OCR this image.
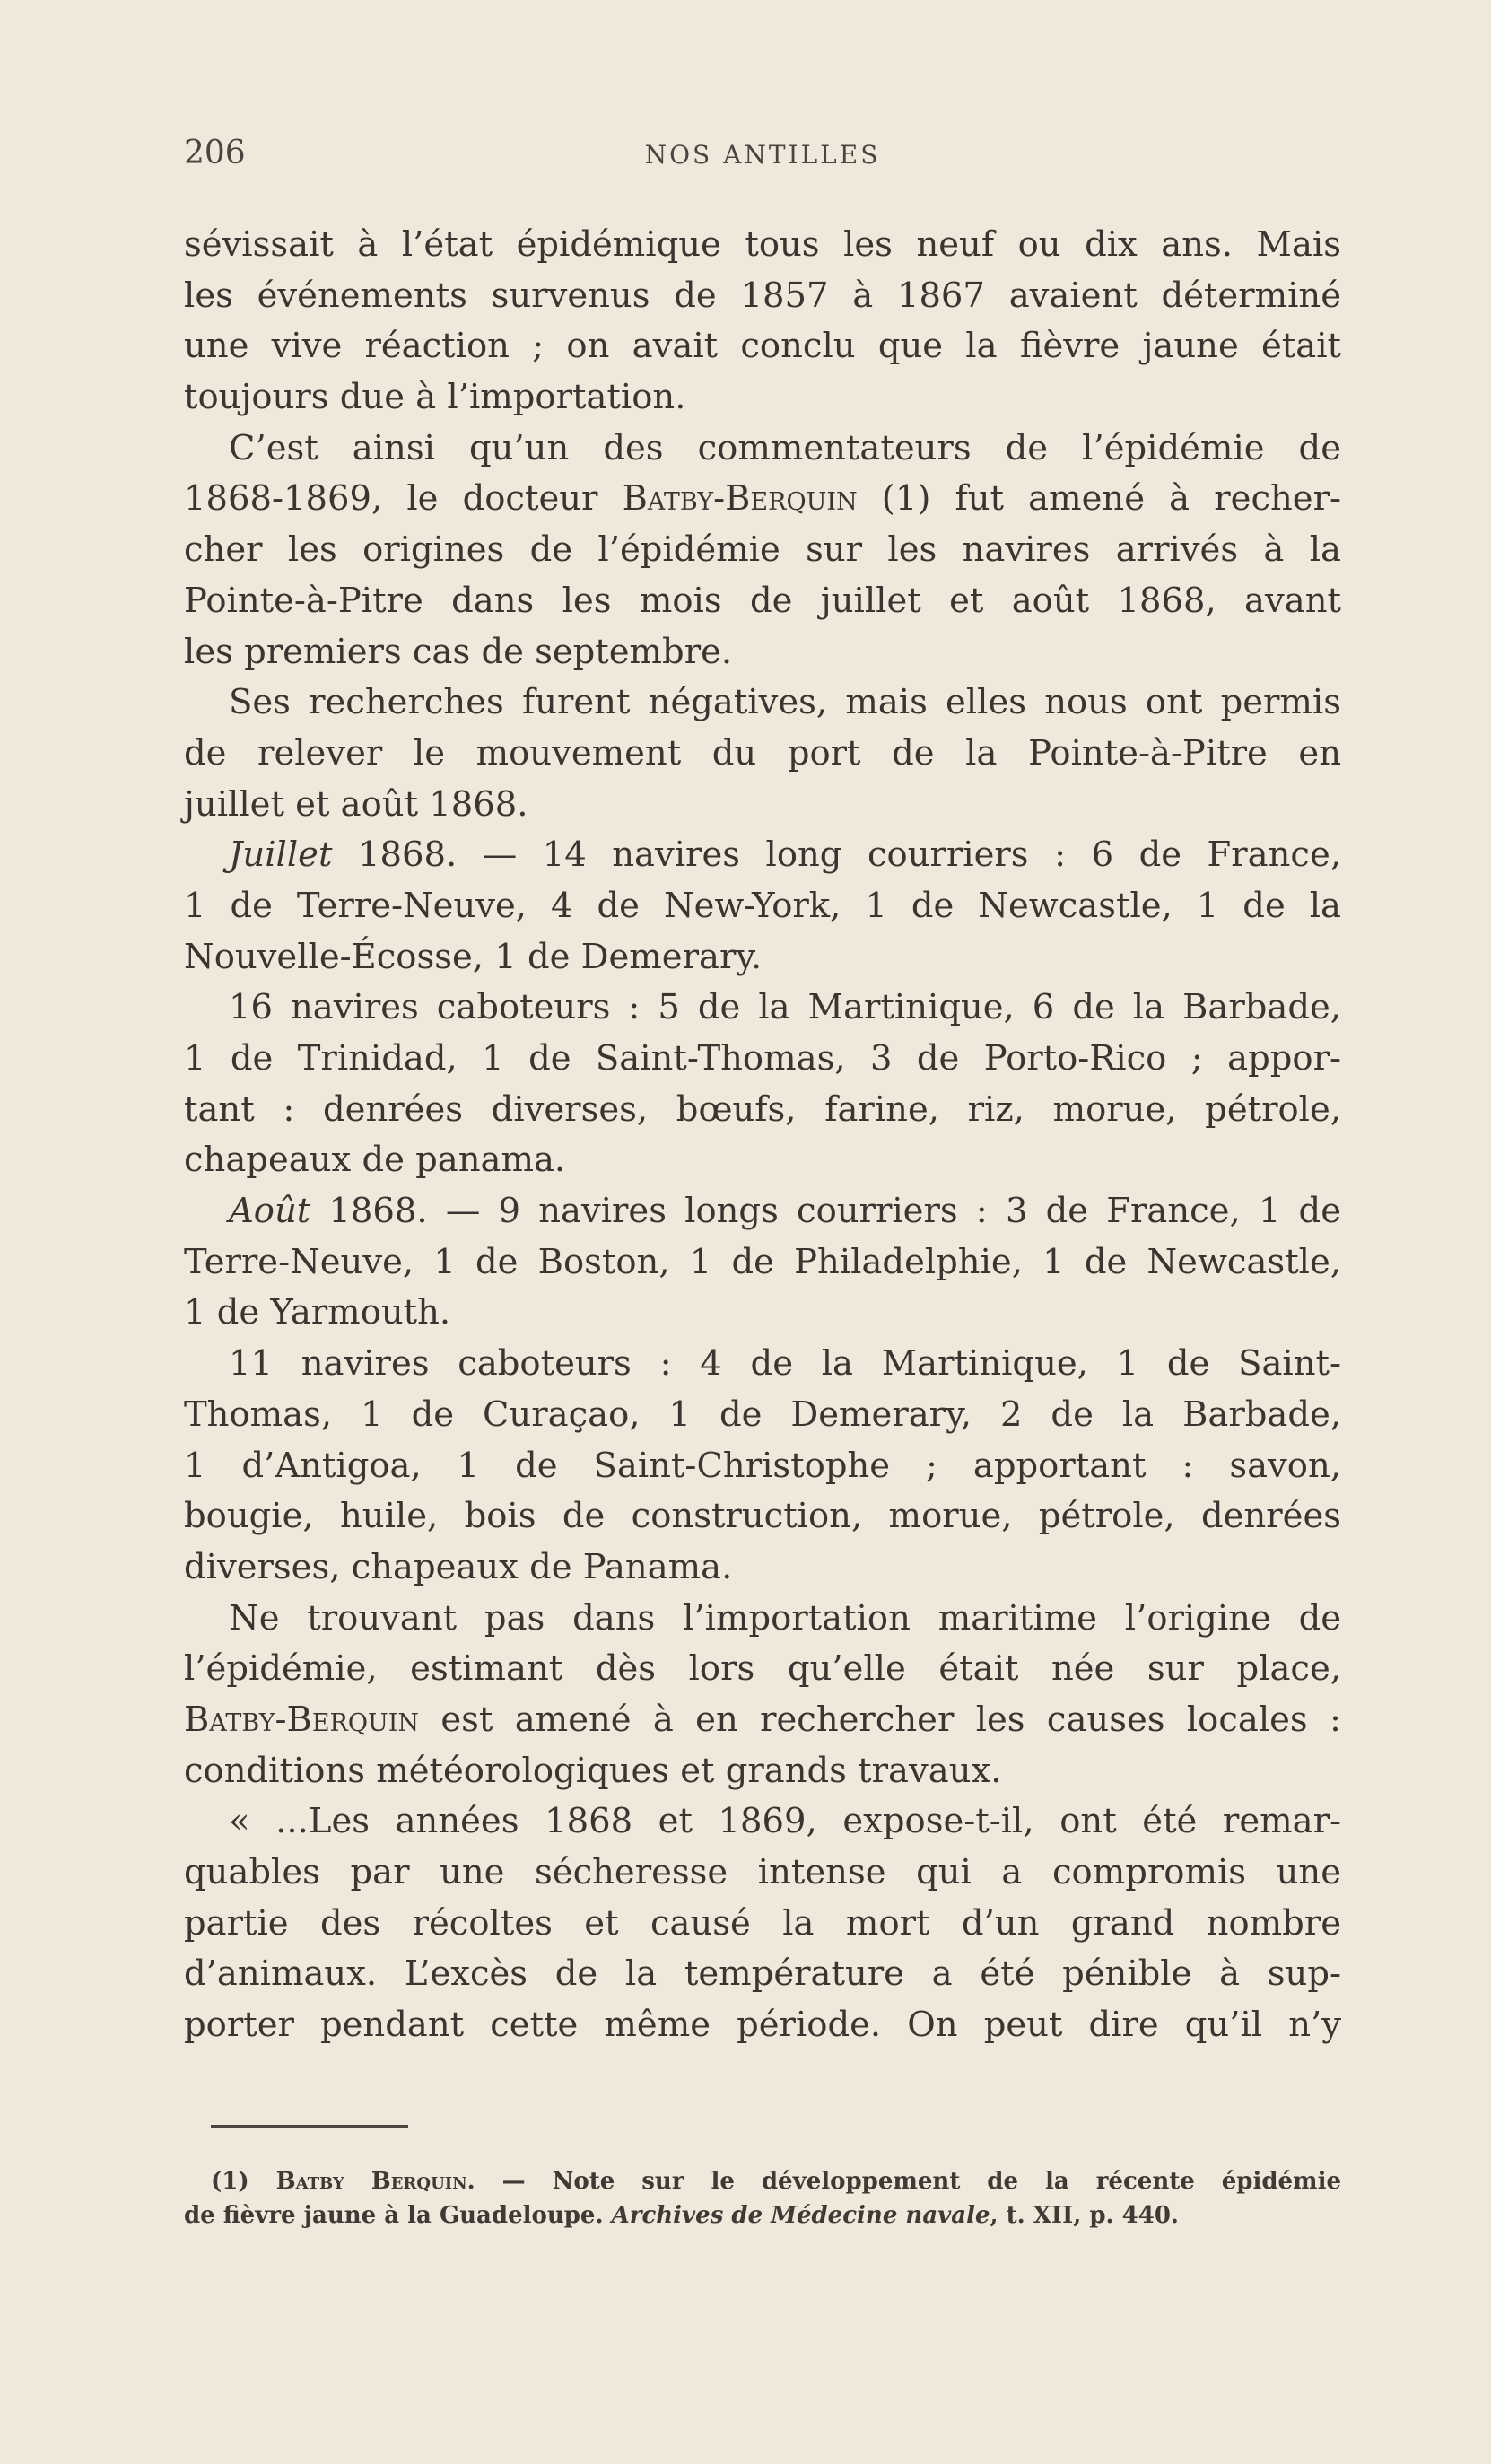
206	NOS ANTILLES
sévissait à l’état épidémique tous les neuf ou dix ans. Mais
les événements survenus de 1857 à 1867 avaient déterminé
une vive réaction ; on avait conclu que la fièvre jaune était
toujours due à l’importation.
C’est ainsi qu’un des commentateurs de l’épidémie de
1868-1869, le docteur Batby-Berquin (1) fut amené à recher-
cher les origines de l’épidémie sur les navires arrivés à la
Pointe-à-Pitre dans les mois de juillet et août 1868, avant
les premiers cas de septembre.
Ses recherches furent négatives, mais elles nous ont permis
de relever le mouvement du port de la Pointe-à-Pitre en
juillet et août 1868.
Juillet 1868. — 14 navires long courriers : 6 de France,
1 de Terre-Neuve, 4 de New-York, 1 de Newcastle, 1 de la
Nouvelle-Écosse, 1 de Demerary.
16 navires caboteurs : 5 de la Martinique, 6 de la Barbade,
1 de Trinidad, 1 de Saint-Thomas, 3 de Porto-Rico ; appor-
tant : denrées diverses, bœufs, farine, riz, morue, pétrole,
chapeaux de panama.
Août 1868. — 9 navires longs courriers : 3 de France, 1 de
Terre-Neuve, 1 de Boston, 1 de Philadelphie, 1 de Newcastle,
1 de Yarmouth.
11 navires caboteurs : 4 de la Martinique, 1 de Saint-
Thomas, 1 de Curaçao, 1 de Demerary, 2 de la Barbade,
1 d’Antigoa, 1 de Saint-Christophe ; apportant : savon,
bougie, huile, bois de construction, morue, pétrole, denrées
diverses, chapeaux de Panama.
Ne trouvant pas dans l’importation maritime l’origine de
l’épidémie, estimant dès lors qu’elle était née sur place,
Batby-Berquin est amené à en rechercher les causes locales :
conditions météorologiques et grands travaux.
« ...Les années 1868 et 1869, expose-t-il, ont été remar-
quables par une sécheresse intense qui a compromis une
partie des récoltes et causé la mort d’un grand nombre
d’animaux. L’excès de la température a été pénible à sup-
porter pendant cette même période. On peut dire qu’il n’y
(1) Batby Berquin. — Note sur le développement de la récente épidémie
de fièvre jaune à la Guadeloupe. Archives de Médecine navale, t. XII, p. 440.
